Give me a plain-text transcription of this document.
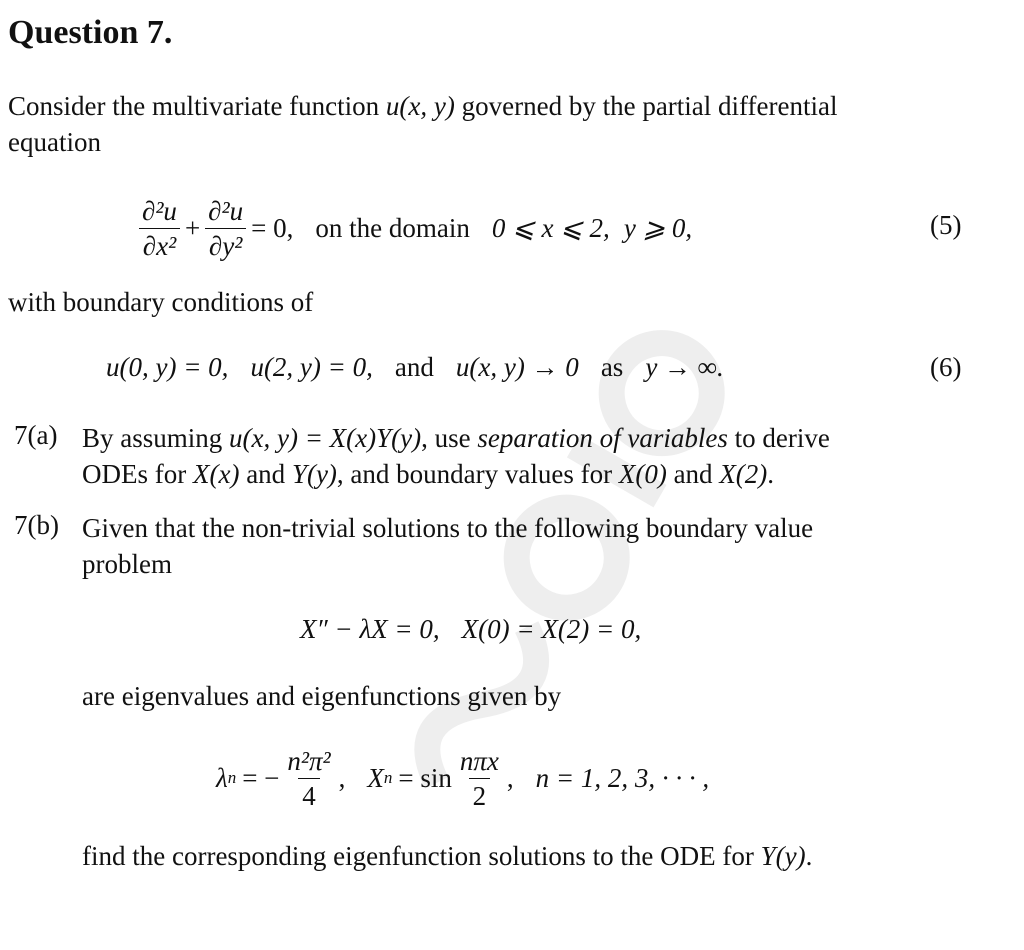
Question 7.
Consider the multivariate function u(x, y) governed by the partial differential
equation
$\frac{\text{∂²u}}{\text{∂x²}} + \frac{\text{∂²u}}{\text{∂y²}} = 0$, on the domain 0 ⩽ x ⩽ 2, y ⩾ 0,	(5)
with boundary conditions of
u(0, y) = 0, u(2, y) = 0, and u(x, y) → 0 as y → ∞.	(6)
7(a) By assuming u(x, y) = X(x)Y(y), use separation of variables to derive
ODEs for X(x) and Y(y), and boundary values for X(0) and X(2).
7(b) Given that the non-trivial solutions to the following boundary value
problem
X″ − λX = 0, X(0) = X(2) = 0,
are eigenvalues and eigenfunctions given by
λ n = − $\frac{\text{n²π²}}{4}$ , X $n = \sin \frac{\text{nπx}}{2}$ , n = 1, 2, 3, · · · ,
find the corresponding eigenfunction solutions to the ODE for Y(y).
